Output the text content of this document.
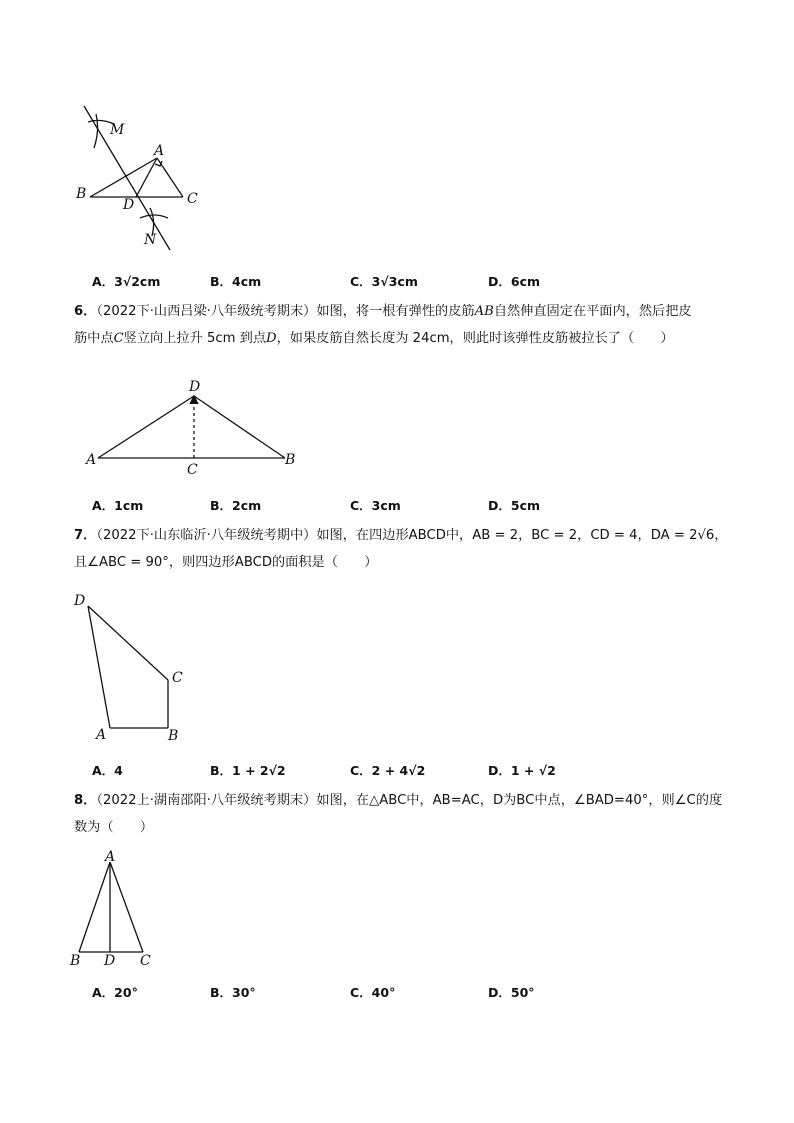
M
A
B	C
D
N
A．3√2cm	B．4cm	C．3√3cm	D．6cm
6．（2022下·山西吕梁·八年级统考期末）如图，将一根有弹性的皮筋AB自然伸直固定在平面内，然后把皮
筋中点C竖立向上拉升 5cm 到点D，如果皮筋自然长度为 24cm，则此时该弹性皮筋被拉长了（　　）
D
A
C
B
A．1cm	B．2cm	C．3cm	D．5cm
7．（2022下·山东临沂·八年级统考期中）如图，在四边形ABCD中，AB = 2，BC = 2，CD = 4，DA = 2√6，
且∠ABC = 90°，则四边形ABCD的面积是（　　）
D
C
A	B
A．4	B．1 + 2√2	C．2 + 4√2	D．1 + √2
8．（2022上·湖南邵阳·八年级统考期末）如图，在△ABC中，AB=AC，D为BC中点，∠BAD=40°，则∠C的度
数为（　　）
A
B D C
A．20°	B．30°	C．40°	D．50°
